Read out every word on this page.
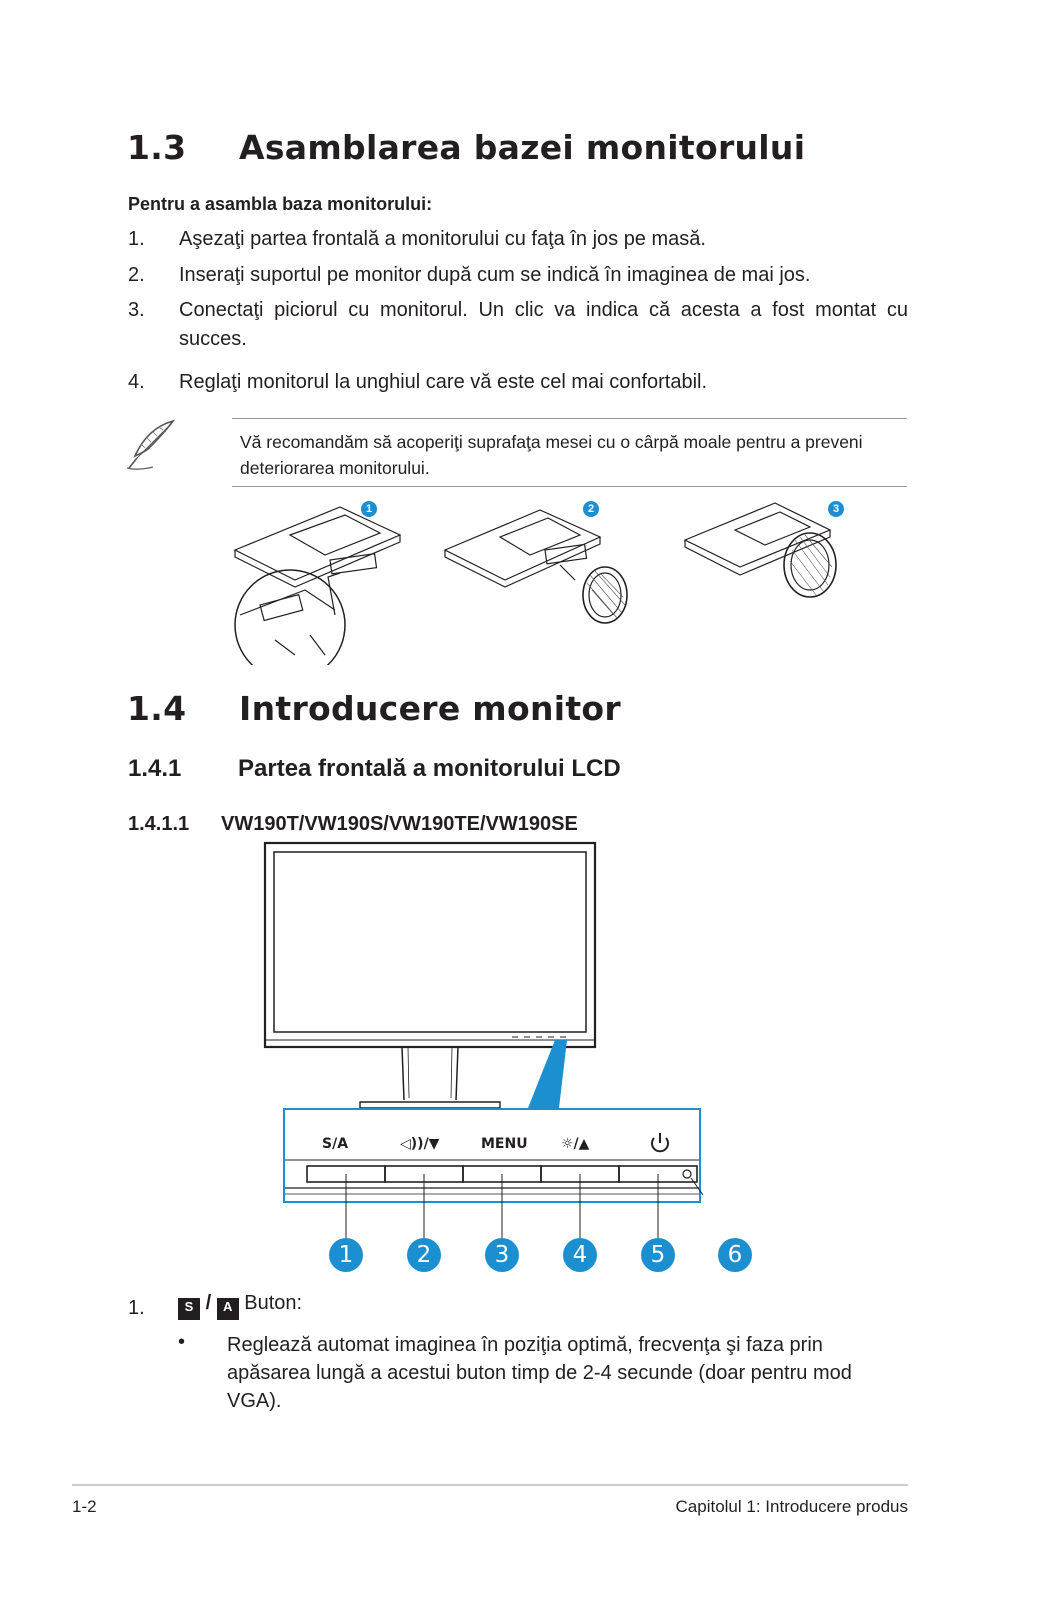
1.3 Asamblarea bazei monitorului
Pentru a asambla baza monitorului:
1. Aşezaţi partea frontală a monitorului cu faţa în jos pe masă.
2. Inseraţi suportul pe monitor după cum se indică în imaginea de mai jos.
3. Conectaţi piciorul cu monitorul. Un clic va indica că acesta a fost montat cu succes.
4. Reglaţi monitorul la unghiul care vă este cel mai confortabil.
Vă recomandăm să acoperiţi suprafaţa mesei cu o cârpă moale pentru a preveni deteriorarea monitorului.
1	2	3
1.4 Introducere monitor
1.4.1 Partea frontală a monitorului LCD
1.4.1.1 VW190T/VW190S/VW190TE/VW190SE
S/A	◁))/▼	MENU ☼/▲
1	2	3	4	5	6
1.	S / A Buton:
• Reglează automat imaginea în poziţia optimă, frecvenţa şi faza prin apăsarea lungă a acestui buton timp de 2-4 secunde (doar pentru mod VGA).
1-2	Capitolul 1: Introducere produs
